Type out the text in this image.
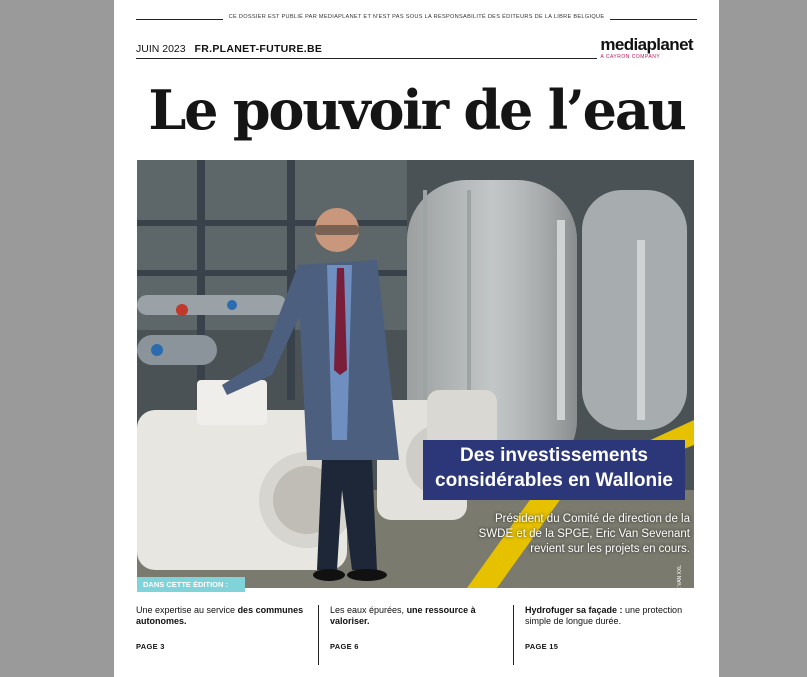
CE DOSSIER EST PUBLIÉ PAR MEDIAPLANET ET N'EST PAS SOUS LA RESPONSABILITÉ DES ÉDITEURS DE LA LIBRE BELGIQUE
JUIN 2023 FR.PLANET-FUTURE.BE	mediaplanet
A CAYRON COMPANY
Le pouvoir de l’eau
Des investissements
considérables en Wallonie
Président du Comité de direction de la
SWDE et de la SPGE, Eric Van Sevenant
revient sur les projets en cours.
©PHOTO: ERIC VAN XXL
DANS CETTE ÉDITION :
Une expertise au service des communes autonomes.
PAGE 3
Les eaux épurées, une ressource à valoriser.
PAGE 6
Hydrofuger sa façade : une protection simple de longue durée.
PAGE 15
